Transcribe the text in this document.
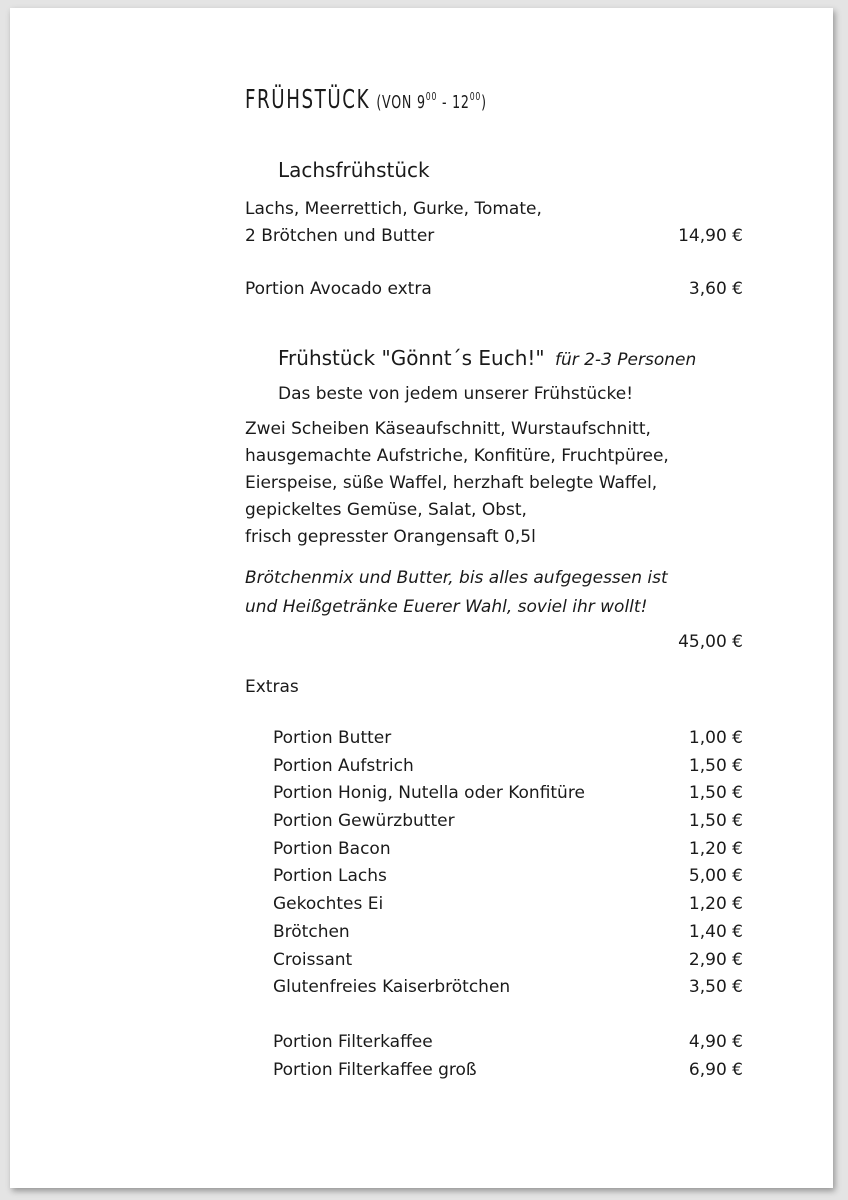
FRÜHSTÜCK (VON $9^{00} - 12^{00}$)
Lachsfrühstück
Lachs, Meerrettich, Gurke, Tomate,
2 Brötchen und Butter	14,90 €
Portion Avocado extra	3,60 €
Frühstück "Gönnt´s Euch!" für 2-3 Personen
Das beste von jedem unserer Frühstücke!
Zwei Scheiben Käseaufschnitt, Wurstaufschnitt,
hausgemachte Aufstriche, Konfitüre, Fruchtpüree,
Eierspeise, süße Waffel, herzhaft belegte Waffel,
gepickeltes Gemüse, Salat, Obst,
frisch gepresster Orangensaft 0,5l
Brötchenmix und Butter, bis alles aufgegessen ist
und Heißgetränke Euerer Wahl, soviel ihr wollt!
45,00 €
Extras
Portion Butter	1,00 €
Portion Aufstrich	1,50 €
Portion Honig, Nutella oder Konfitüre	1,50 €
Portion Gewürzbutter	1,50 €
Portion Bacon	1,20 €
Portion Lachs	5,00 €
Gekochtes Ei	1,20 €
Brötchen	1,40 €
Croissant	2,90 €
Glutenfreies Kaiserbrötchen	3,50 €
Portion Filterkaffee	4,90 €
Portion Filterkaffee groß	6,90 €
